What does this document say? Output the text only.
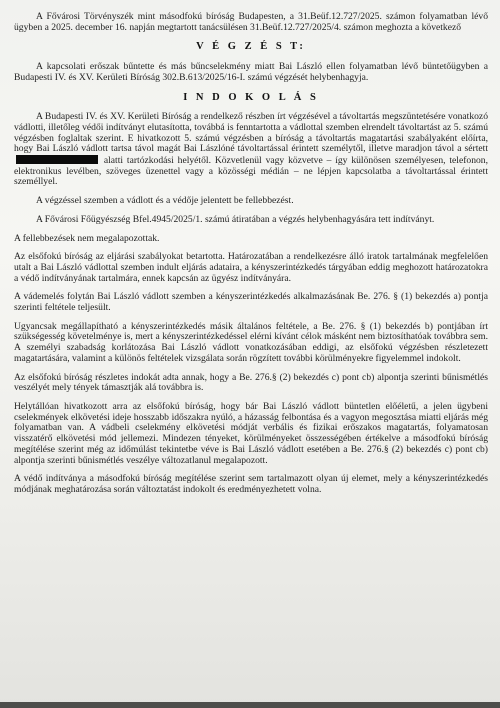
A Fővárosi Törvényszék mint másodfokú bíróság Budapesten, a 31.Beüf.12.727/2025. számon folyamatban lévő ügyben a 2025. december 16. napján megtartott tanácsülésen 31.Beüf.12.727/2025/4. számon meghozta a következő

V É G Z É S T:

A kapcsolati erőszak bűntette és más bűncselekmény miatt Bai László ellen folyamatban lévő büntetőügyben a Budapesti IV. és XV. Kerületi Bíróság 302.B.613/2025/16-I. számú végzését helybenhagyja.

I N D O K O L Á S

A Budapesti IV. és XV. Kerületi Bíróság a rendelkező részben írt végzésével a távoltartás megszüntetésére vonatkozó vádlotti, illetőleg védői indítványt elutasította, továbbá is fenntartotta a vádlottal szemben elrendelt távoltartást az 5. számú végzésben foglaltak szerint. E hivatkozott 5. számú végzésben a bíróság a távoltartás magatartási szabályaként előírta, hogy Bai László vádlott tartsa távol magát Bai Lászlóné távoltartással érintett személytől, illetve maradjon távol a sértett  alatti tartózkodási helyétől. Közvetlenül vagy közvetve – így különösen személyesen, telefonon, elektronikus levélben, szöveges üzenettel vagy a közösségi médián – ne lépjen kapcsolatba a távoltartással érintett személlyel.

A végzéssel szemben a vádlott és a védője jelentett be fellebbezést.

A Fővárosi Főügyészség Bfel.4945/2025/1. számú átiratában a végzés helybenhagyására tett indítványt.

A fellebbezések nem megalapozottak.

Az elsőfokú bíróság az eljárási szabályokat betartotta. Határozatában a rendelkezésre álló iratok tartalmának megfelelően utalt a Bai László vádlottal szemben indult eljárás adataira, a kényszerintézkedés tárgyában eddig meghozott határozatokra a védő indítványának tartalmára, ennek kapcsán az ügyész indítványára.

A vádemelés folytán Bai László vádlott szemben a kényszerintézkedés alkalmazásának Be. 276. § (1) bekezdés a) pontja szerinti feltétele teljesült.

Ugyancsak megállapítható a kényszerintézkedés másik általános feltétele, a Be. 276. § (1) bekezdés b) pontjában írt szükségesség követelménye is, mert a kényszerintézkedéssel elérni kívánt célok másként nem biztosíthatóak továbbra sem. A személyi szabadság korlátozása Bai László vádlott vonatkozásában eddigi, az elsőfokú végzésben részletezett magatartására, valamint a különös feltételek vizsgálata során rögzített további körülményekre figyelemmel indokolt.

Az elsőfokú bíróság részletes indokát adta annak, hogy a Be. 276.§ (2) bekezdés c) pont cb) alpontja szerinti bűnismétlés veszélyét mely tények támasztják alá továbbra is.

Helytállóan hivatkozott arra az elsőfokú bíróság, hogy bár Bai László vádlott büntetlen előéletű, a jelen ügybeni cselekmények elkövetési ideje hosszabb időszakra nyúló, a házasság felbontása és a vagyon megosztása miatti eljárás még folyamatban van. A vádbeli cselekmény elkövetési módját verbális és fizikai erőszakos magatartás, folyamatosan visszatérő elkövetési mód jellemezi. Mindezen tényeket, körülményeket összességében értékelve a másodfokú bíróság megítélése szerint még az időmúlást tekintetbe véve is Bai László vádlott esetében a Be. 276.§ (2) bekezdés c) pont cb) alpontja szerinti bűnismétlés veszélye változatlanul megalapozott.

A védő indítványa a másodfokú bíróság megítélése szerint sem tartalmazott olyan új elemet, mely a kényszerintézkedés módjának meghatározása során változtatást indokolt és eredményezhetett volna.
